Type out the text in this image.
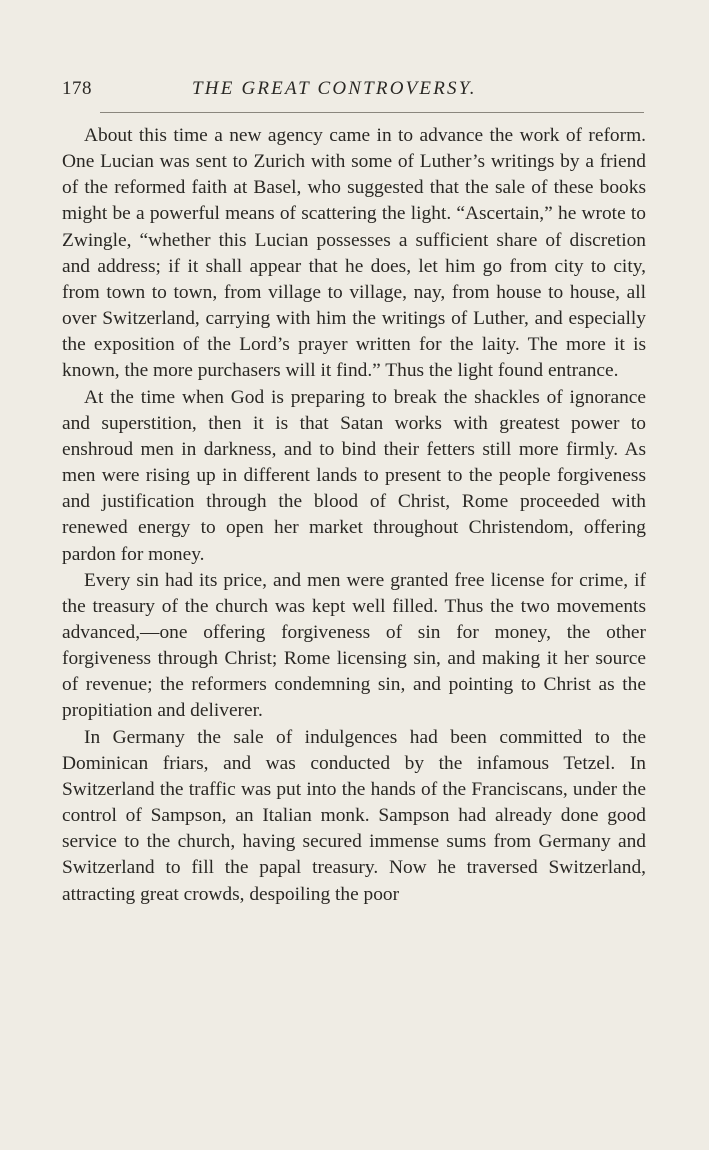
178	THE GREAT CONTROVERSY.

About this time a new agency came in to advance the work of reform. One Lucian was sent to Zurich with some of Luther’s writings by a friend of the reformed faith at Basel, who suggested that the sale of these books might be a powerful means of scattering the light. “Ascertain,” he wrote to Zwingle, “whether this Lucian possesses a sufficient share of discretion and address; if it shall appear that he does, let him go from city to city, from town to town, from village to village, nay, from house to house, all over Switzerland, carrying with him the writings of Luther, and especially the exposition of the Lord’s prayer written for the laity. The more it is known, the more purchasers will it find.” Thus the light found entrance.

At the time when God is preparing to break the shackles of ignorance and superstition, then it is that Satan works with greatest power to enshroud men in darkness, and to bind their fetters still more firmly. As men were rising up in different lands to present to the people forgiveness and justification through the blood of Christ, Rome proceeded with renewed energy to open her market throughout Christendom, offering pardon for money.

Every sin had its price, and men were granted free license for crime, if the treasury of the church was kept well filled. Thus the two movements advanced,—one offering forgiveness of sin for money, the other forgiveness through Christ; Rome licensing sin, and making it her source of revenue; the reformers condemning sin, and pointing to Christ as the propitiation and deliverer.

In Germany the sale of indulgences had been committed to the Dominican friars, and was conducted by the infamous Tetzel. In Switzerland the traffic was put into the hands of the Franciscans, under the control of Sampson, an Italian monk. Sampson had already done good service to the church, having secured immense sums from Germany and Switzerland to fill the papal treasury. Now he traversed Switzerland, attracting great crowds, despoiling the poor
